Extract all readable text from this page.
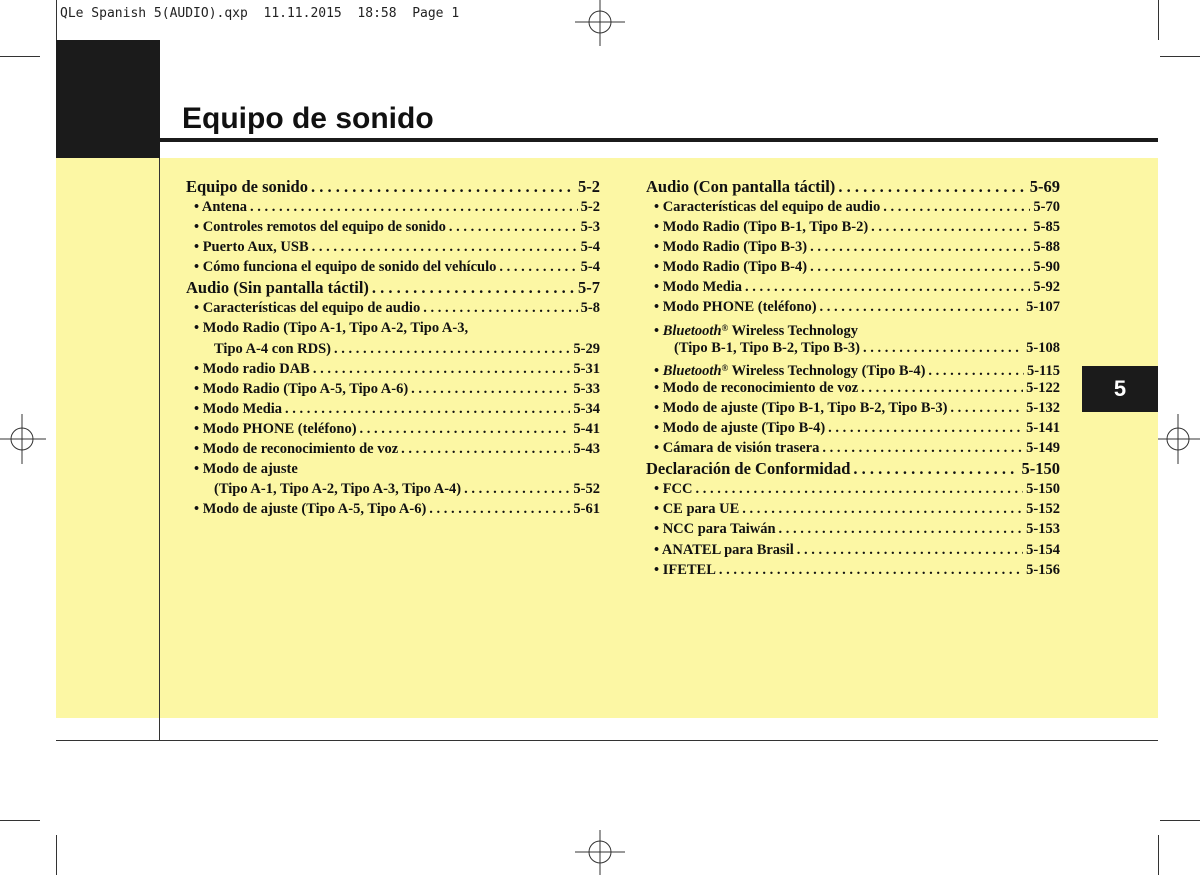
QLe Spanish 5(AUDIO).qxp  11.11.2015  18:58  Page 1
Equipo de sonido
5
Equipo de sonido . . .	5-2
• Antena . . .	5-2
• Controles remotos del equipo de sonido . . .	5-3
• Puerto Aux, USB . . .	5-4
• Cómo funciona el equipo de sonido del vehículo . . .	5-4
Audio (Sin pantalla táctil) . . .	5-7
• Características del equipo de audio . . .	5-8
• Modo Radio (Tipo A-1, Tipo A-2, Tipo A-3,
Tipo A-4 con RDS) . . .	5-29
• Modo radio DAB . . .	5-31
• Modo Radio (Tipo A-5, Tipo A-6) . . .	5-33
• Modo Media . . .	5-34
• Modo PHONE (teléfono) . . .	5-41
• Modo de reconocimiento de voz . . .	5-43
• Modo de ajuste
(Tipo A-1, Tipo A-2, Tipo A-3, Tipo A-4) . . .	5-52
• Modo de ajuste (Tipo A-5, Tipo A-6) . . .	5-61
Audio (Con pantalla táctil) . . .	5-69
• Características del equipo de audio . . .	5-70
• Modo Radio (Tipo B-1, Tipo B-2) . . .	5-85
• Modo Radio (Tipo B-3) . . .	5-88
• Modo Radio (Tipo B-4) . . .	5-90
• Modo Media . . .	5-92
• Modo PHONE (teléfono) . . .	5-107
• Bluetooth® Wireless Technology
(Tipo B-1, Tipo B-2, Tipo B-3) . . .	5-108
• Bluetooth® Wireless Technology (Tipo B-4) . . .	5-115
• Modo de reconocimiento de voz . . .	5-122
• Modo de ajuste (Tipo B-1, Tipo B-2, Tipo B-3) . . .	5-132
• Modo de ajuste (Tipo B-4) . . .	5-141
• Cámara de visión trasera . . .	5-149
Declaración de Conformidad . . .	5-150
• FCC . . .	5-150
• CE para UE . . .	5-152
• NCC para Taiwán . . .	5-153
• ANATEL para Brasil . . .	5-154
• IFETEL . . .	5-156
